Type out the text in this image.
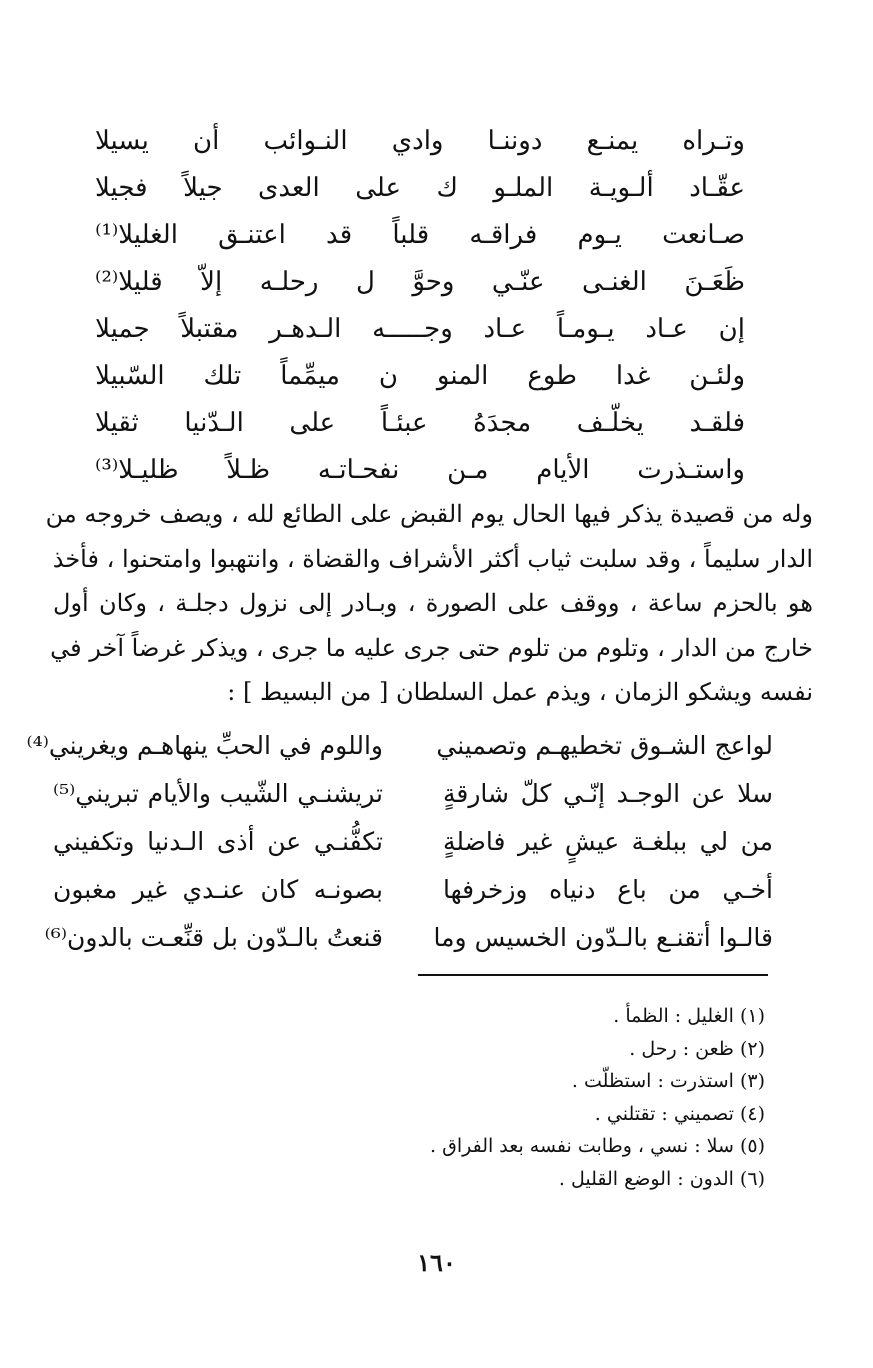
وتـراه
يمنـع
دوننـا
وادي
النـوائب
أن
يسيلا
عقّـاد
ألـويـة
الملـو
ك
على
العدى
جيلاً
فجيلا
صـانعت
يـوم
فراقـه
قلباً
قد
اعتنـق
الغليلا⁽¹⁾
ظَعَـنَ
الغنـى
عنّـي
وحوَّ
ل
رحلـه
إلاّ
قليلا⁽²⁾
إن
عـاد
يـومـاً
عـاد
وجـــــه
الـدهـر
مقتبلاً
جميلا
ولئـن
غدا
طوع
المنو
ن
ميمِّماً
تلك
السّبيلا
فلقـد
يخلّـف
مجدَهُ
عبئـاً
على
الـدّنيا
ثقيلا
واستـذرت
الأيام
مـن
نفحـاتـه
ظـلاً
ظليـلا⁽³⁾

وله من قصيدة يذكر فيها الحال يوم القبض على الطائع لله ، ويصف خروجه من

الدار سليماً ، وقد سلبت ثياب أكثر الأشراف والقضاة ، وانتهبوا وامتحنوا ، فأخذ

هو بالحزم ساعة ، ووقف على الصورة ، وبـادر إلى نزول دجلـة ، وكان أول

خارج من الدار ، وتلوم من تلوم حتى جرى عليه ما جرى ، ويذكر غرضاً آخر في

نفسه ويشكو الزمان ، ويذم عمل السلطان [ من البسيط ] :

لواعج الشـوق تخطيهـم وتصميني
واللوم في الحبِّ ينهاهـم ويغريني⁽⁴⁾
سلا عن الوجـد إنّـي كلّ شارقةٍ
تريشنـي الشّيب والأيام تبريني⁽⁵⁾
من لي ببلغـة عيشٍ غير فاضلةٍ
تكفُّنـي عن أذى الـدنيا وتكفيني
أخـي من باع دنياه وزخرفها
بصونـه كان عنـدي غير مغبون
قالـوا أتقنـع بالـدّون الخسيس وما
قنعتُ بالـدّون بل قنِّعـت بالدون⁽⁶⁾
(١) الغليل : الظمأ .
(٢) ظعن : رحل .
(٣) استذرت : استظلّت .
(٤) تصميني : تقتلني .
(٥) سلا : نسي ، وطابت نفسه بعد الفراق .
(٦) الدون : الوضع القليل .
١٦٠
